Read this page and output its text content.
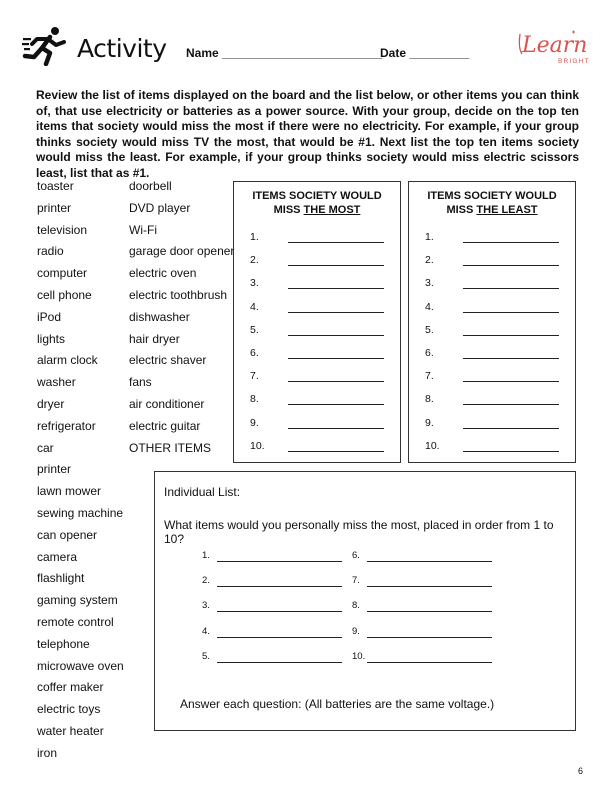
Activity Name ________________________
Date _________ Learn
BRIGHT

Review the list of items displayed on the board and the list below, or other items you can think of, that use electricity or batteries as a power source. With your group, decide on the top ten items that society would miss the most if there were no electricity. For example, if your group thinks society would miss TV the most, that would be #1. Next list the top ten items society would miss the least. For example, if your group thinks society would miss electric scissors least, list that as #1.

toaster
printer
television
radio
computer
cell phone
iPod
lights
alarm clock
washer
dryer
refrigerator
car
printer
lawn mower
sewing machine
can opener
camera
flashlight
gaming system
remote control
telephone
microwave oven
coffer maker
electric toys
water heater
iron
doorbell
DVD player
Wi-Fi
garage door opener
electric oven
electric toothbrush
dishwasher
hair dryer
electric shaver
fans
air conditioner
electric guitar
OTHER ITEMS
ITEMS SOCIETY WOULD
MISS THE MOST
1.
2.
3.
4.
5.
6.
7.
8.
9.
10.
ITEMS SOCIETY WOULD
MISS THE LEAST
1.
2.
3.
4.
5.
6.
7.
8.
9.
10.
Individual List:
What items would you personally miss the most, placed in order from 1 to 10?
1.
2.
3.
4.
5.
6.
7.
8.
9.
10.
Answer each question: (All batteries are the same voltage.)
6
